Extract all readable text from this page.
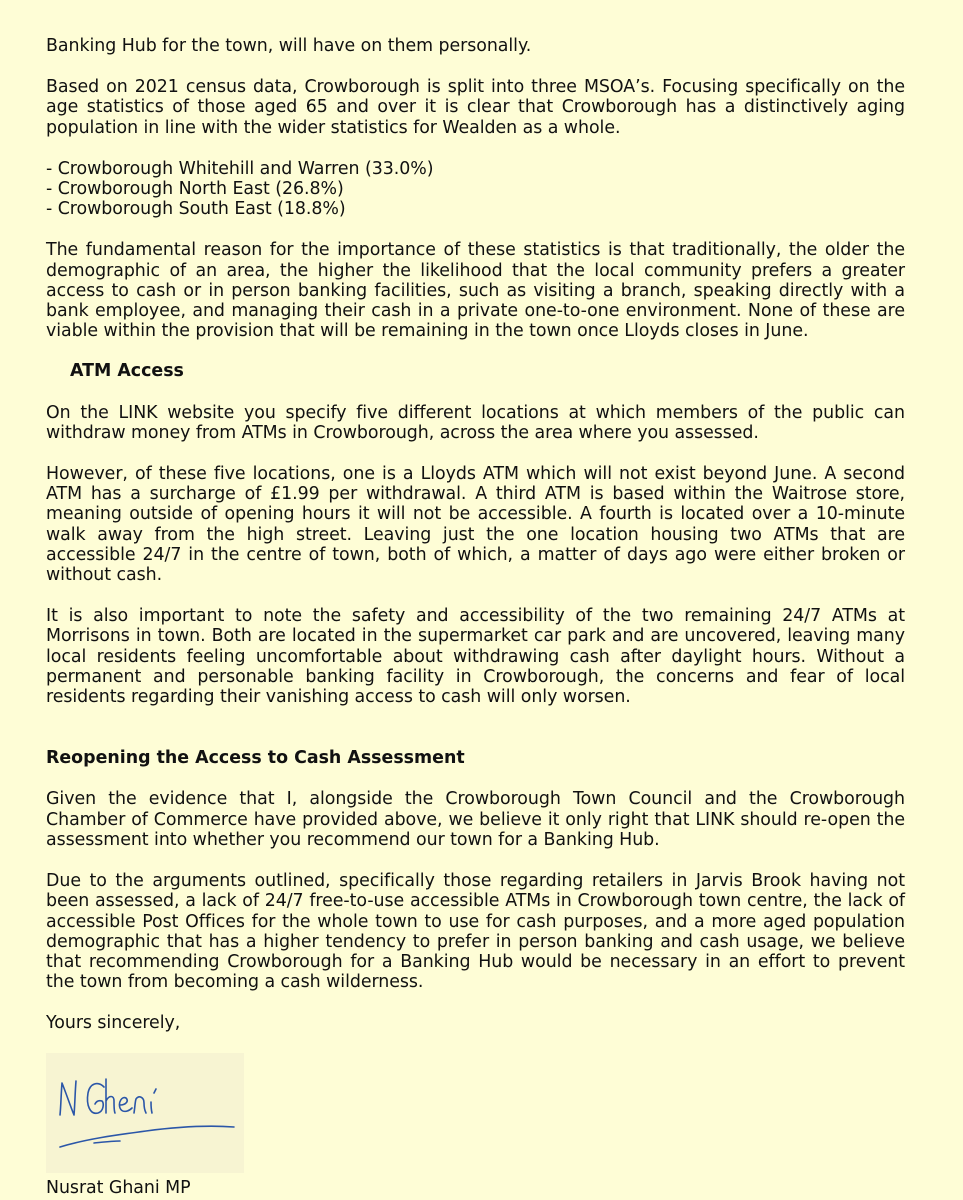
Banking Hub for the town, will have on them personally.

Based on 2021 census data, Crowborough is split into three MSOA’s. Focusing specifically on the age statistics of those aged 65 and over it is clear that Crowborough has a distinctively aging population in line with the wider statistics for Wealden as a whole.

- Crowborough Whitehill and Warren (33.0%)
- Crowborough North East (26.8%)
- Crowborough South East (18.8%)

The fundamental reason for the importance of these statistics is that traditionally, the older the demographic of an area, the higher the likelihood that the local community prefers a greater access to cash or in person banking facilities, such as visiting a branch, speaking directly with a bank employee, and managing their cash in a private one-to-one environment. None of these are viable within the provision that will be remaining in the town once Lloyds closes in June.

ATM Access

On the LINK website you specify five different locations at which members of the public can withdraw money from ATMs in Crowborough, across the area where you assessed.

However, of these five locations, one is a Lloyds ATM which will not exist beyond June. A second ATM has a surcharge of £1.99 per withdrawal. A third ATM is based within the Waitrose store, meaning outside of opening hours it will not be accessible. A fourth is located over a 10-minute walk away from the high street. Leaving just the one location housing two ATMs that are accessible 24/7 in the centre of town, both of which, a matter of days ago were either broken or without cash.

It is also important to note the safety and accessibility of the two remaining 24/7 ATMs at Morrisons in town. Both are located in the supermarket car park and are uncovered, leaving many local residents feeling uncomfortable about withdrawing cash after daylight hours. Without a permanent and personable banking facility in Crowborough, the concerns and fear of local residents regarding their vanishing access to cash will only worsen.

Reopening the Access to Cash Assessment

Given the evidence that I, alongside the Crowborough Town Council and the Crowborough Chamber of Commerce have provided above, we believe it only right that LINK should re-open the assessment into whether you recommend our town for a Banking Hub.

Due to the arguments outlined, specifically those regarding retailers in Jarvis Brook having not been assessed, a lack of 24/7 free-to-use accessible ATMs in Crowborough town centre, the lack of accessible Post Offices for the whole town to use for cash purposes, and a more aged population demographic that has a higher tendency to prefer in person banking and cash usage, we believe that recommending Crowborough for a Banking Hub would be necessary in an effort to prevent the town from becoming a cash wilderness.

Yours sincerely,

Nusrat Ghani MP
